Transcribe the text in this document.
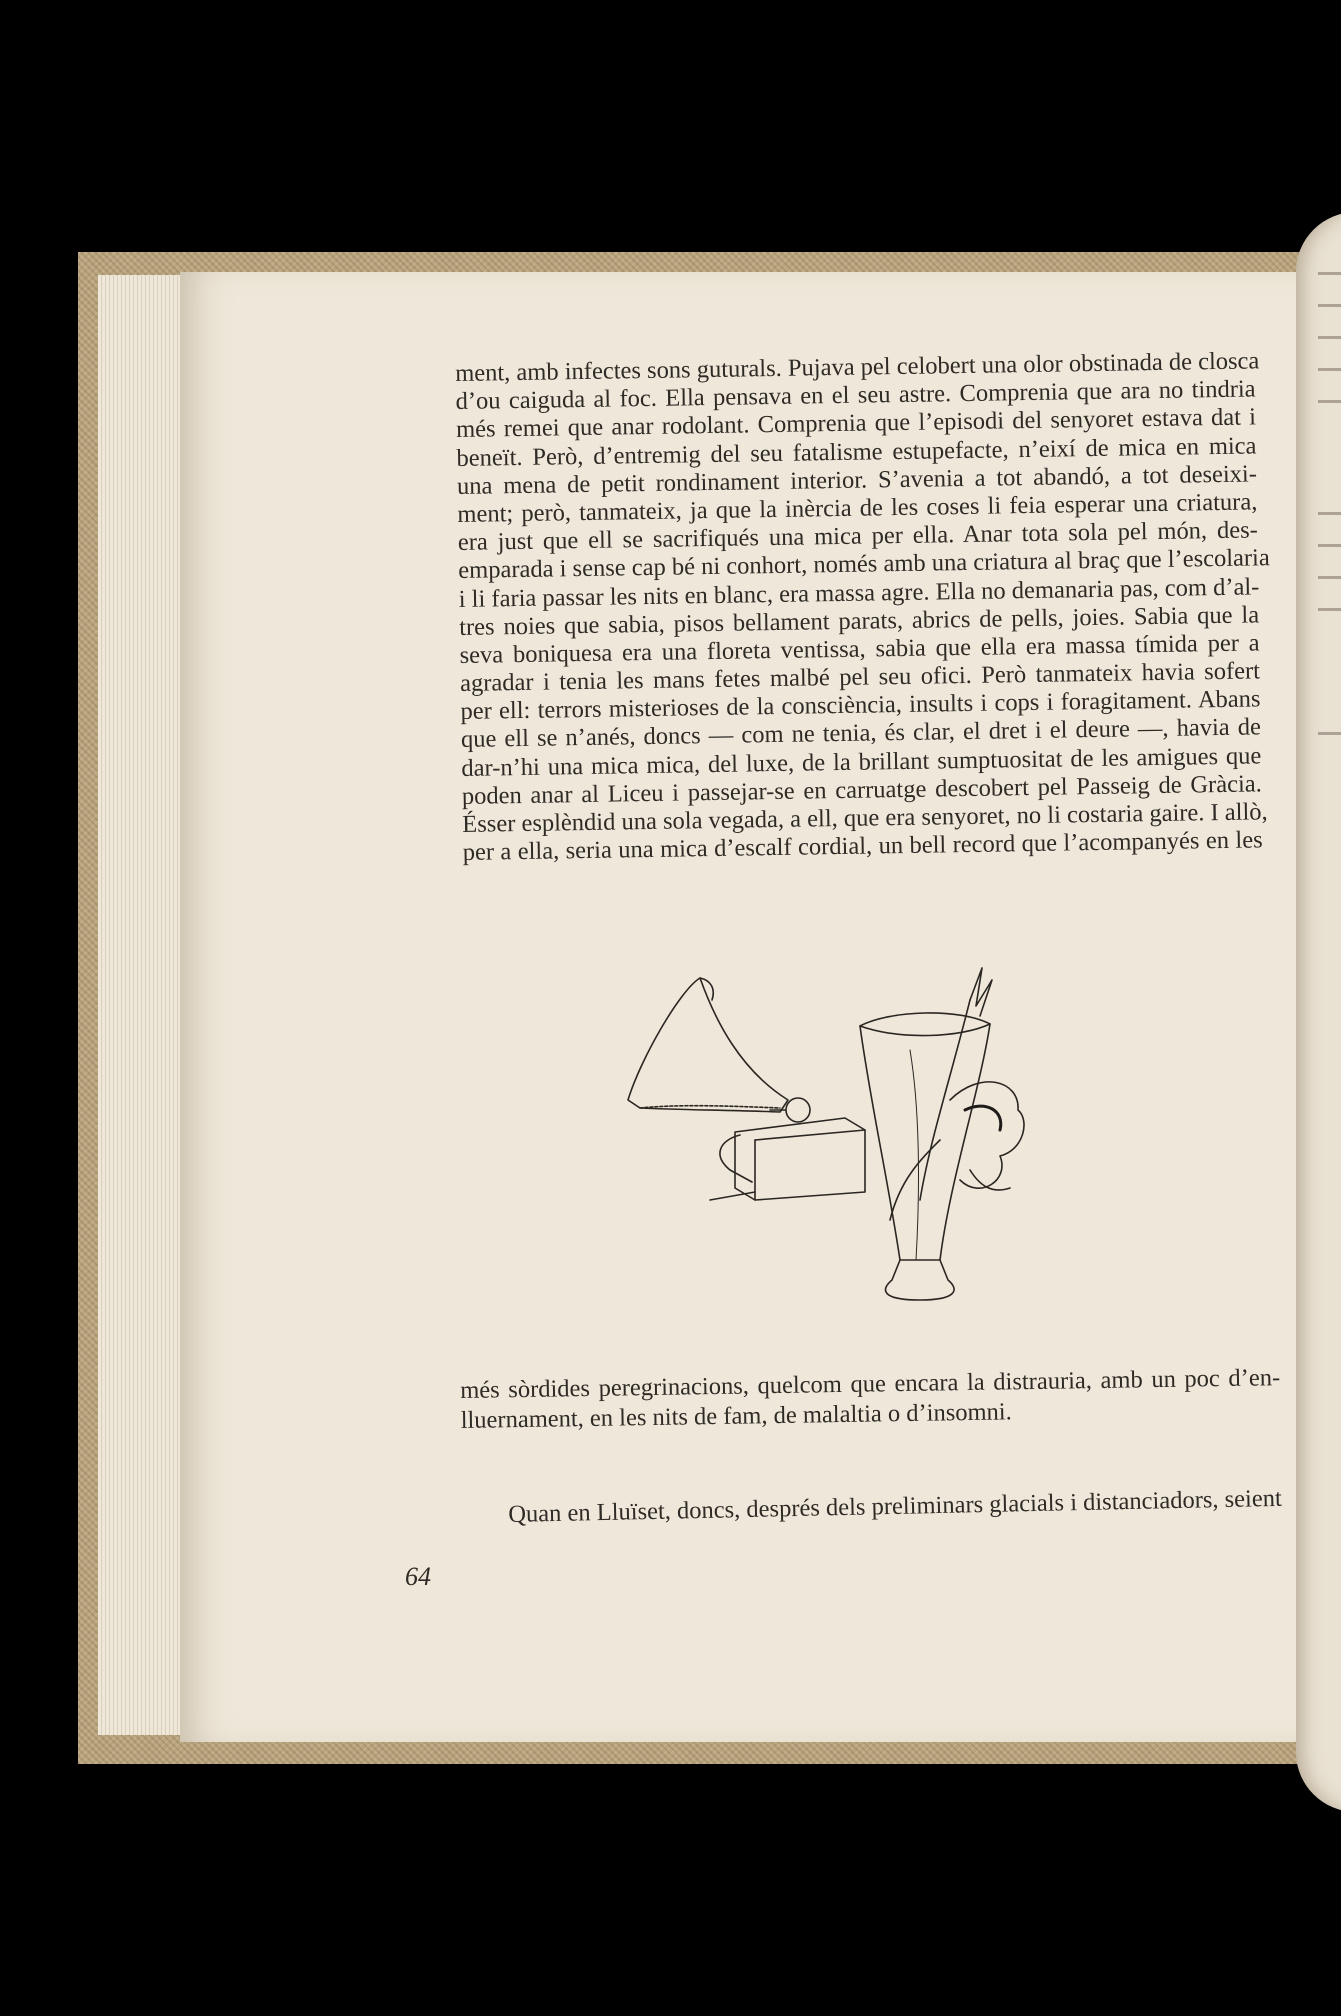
ment, amb infectes sons guturals. Pujava pel celobert una olor obstinada de closca
d’ou caiguda al foc. Ella pensava en el seu astre. Comprenia que ara no tindria
més remei que anar rodolant. Comprenia que l’episodi del senyoret estava dat i
beneït. Però, d’entremig del seu fatalisme estupefacte, n’eixí de mica en mica
una mena de petit rondinament interior. S’avenia a tot abandó, a tot deseixi-
ment; però, tanmateix, ja que la inèrcia de les coses li feia esperar una criatura,
era just que ell se sacrifiqués una mica per ella. Anar tota sola pel món, des-
emparada i sense cap bé ni conhort, només amb una criatura al braç que l’escolaria
i li faria passar les nits en blanc, era massa agre. Ella no demanaria pas, com d’al-
tres noies que sabia, pisos bellament parats, abrics de pells, joies. Sabia que la
seva boniquesa era una floreta ventissa, sabia que ella era massa tímida per a
agradar i tenia les mans fetes malbé pel seu ofici. Però tanmateix havia sofert
per ell: terrors misterioses de la consciència, insults i cops i foragitament. Abans
que ell se n’anés, doncs — com ne tenia, és clar, el dret i el deure —, havia de
dar-n’hi una mica mica, del luxe, de la brillant sumptuositat de les amigues que
poden anar al Liceu i passejar-se en carruatge descobert pel Passeig de Gràcia.
Ésser esplèndid una sola vegada, a ell, que era senyoret, no li costaria gaire. I allò,
per a ella, seria una mica d’escalf cordial, un bell record que l’acompanyés en les
més sòrdides peregrinacions, quelcom que encara la distrauria, amb un poc d’en-
lluernament, en les nits de fam, de malaltia o d’insomni.
Quan en Lluïset, doncs, després dels preliminars glacials i distanciadors, seient
64
